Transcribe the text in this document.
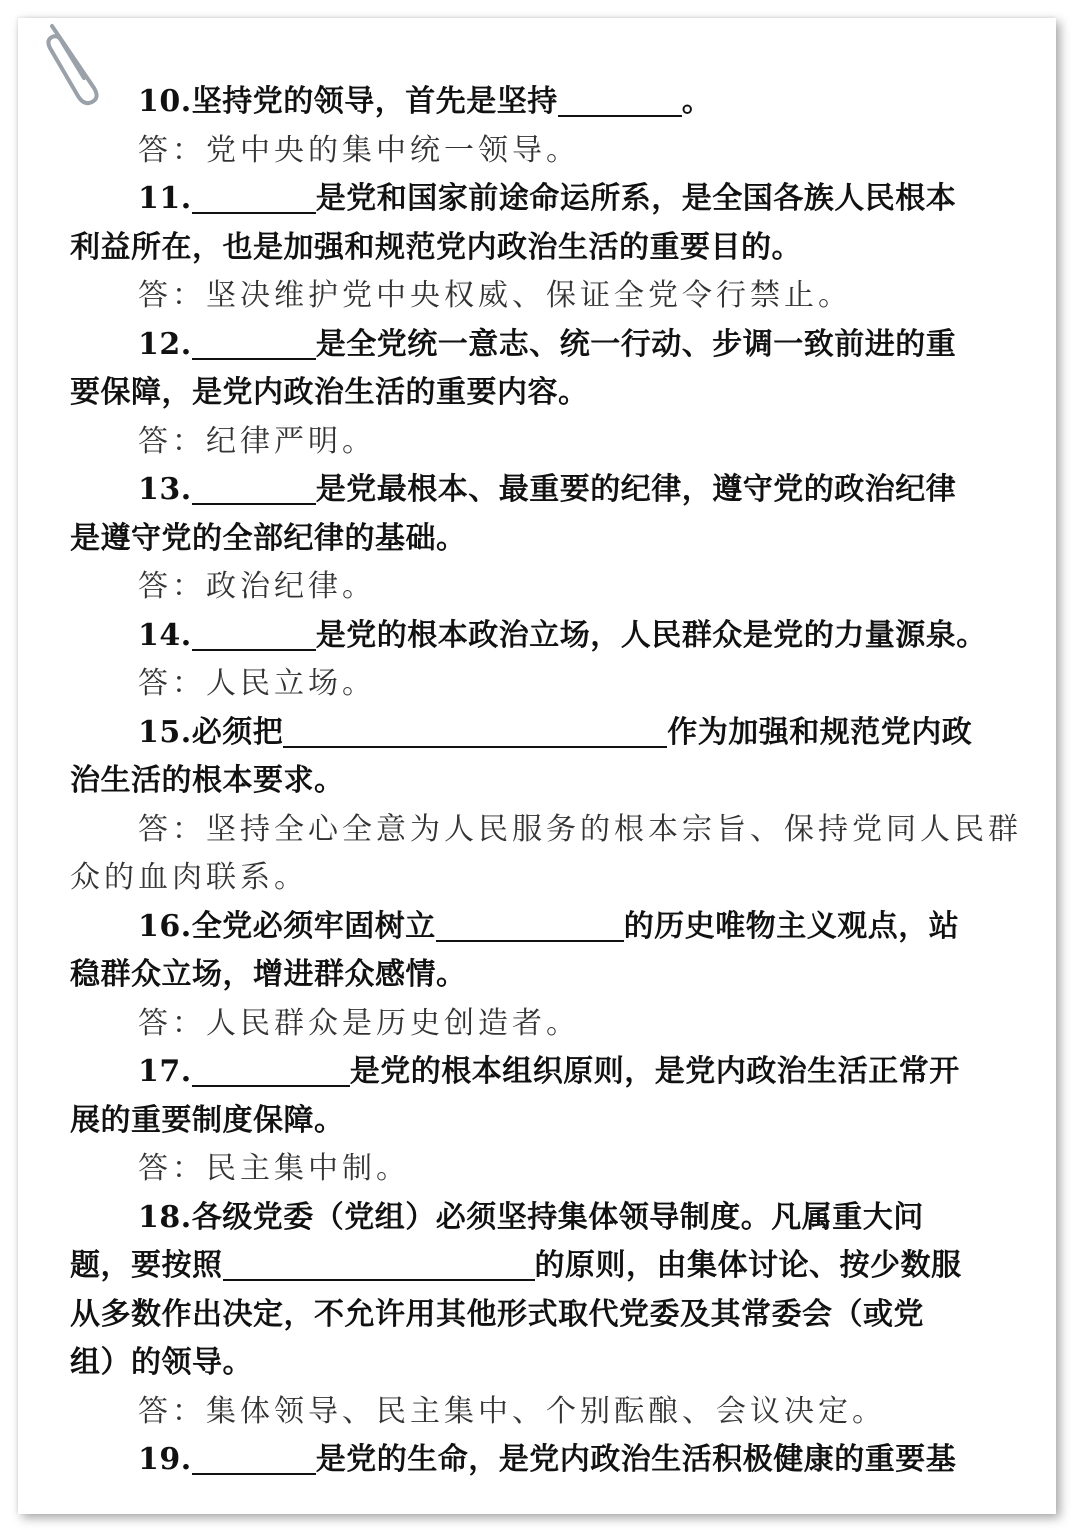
10.坚持党的领导，首先是坚持	。
答：党中央的集中统一领导。
11.	是党和国家前途命运所系，是全国各族人民根本
利益所在，也是加强和规范党内政治生活的重要目的。
答：坚决维护党中央权威、保证全党令行禁止。
12.	是全党统一意志、统一行动、步调一致前进的重
要保障，是党内政治生活的重要内容。
答：纪律严明。
13.	是党最根本、最重要的纪律，遵守党的政治纪律
是遵守党的全部纪律的基础。
答：政治纪律。
14.	是党的根本政治立场，人民群众是党的力量源泉。
答：人民立场。
15.必须把	作为加强和规范党内政
治生活的根本要求。
答：坚持全心全意为人民服务的根本宗旨、保持党同人民群
众的血肉联系。
16.全党必须牢固树立	的历史唯物主义观点，站
稳群众立场，增进群众感情。
答：人民群众是历史创造者。
17.	是党的根本组织原则，是党内政治生活正常开
展的重要制度保障。
答：民主集中制。
18.各级党委（党组）必须坚持集体领导制度。凡属重大问
题，要按照	的原则，由集体讨论、按少数服
从多数作出决定，不允许用其他形式取代党委及其常委会（或党
组）的领导。
答：集体领导、民主集中、个别酝酿、会议决定。
19.	是党的生命，是党内政治生活积极健康的重要基
